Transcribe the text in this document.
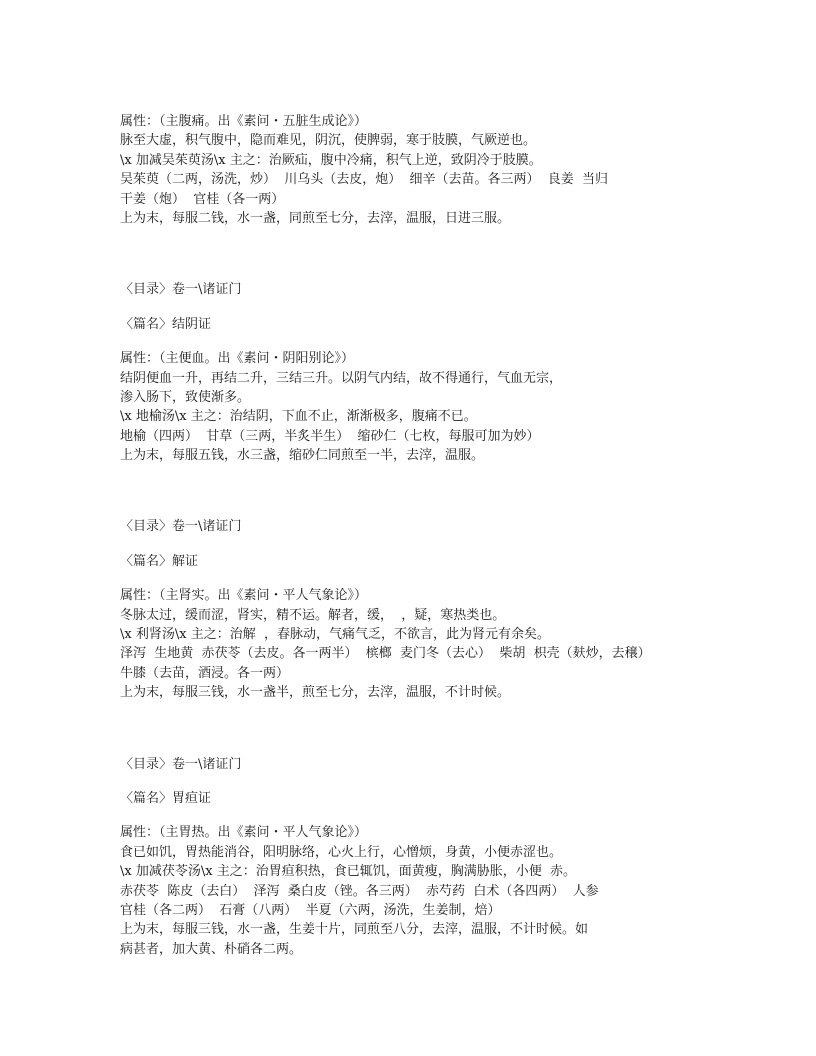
属性：（主腹痛。出《素问・五脏生成论》）
脉至大虚，积气腹中，隐而难见，阴沉，使脾弱，寒于肢膜，气厥逆也。
\x 加减吴茱萸汤\x 主之：治厥疝，腹中冷痛，积气上逆，致阴冷于肢膜。
吴茱萸（二两，汤洗，炒）  川乌头（去皮，炮）  细辛（去苗。各三两）  良姜  当归
干姜（炮）  官桂（各一两）
上为末，每服二钱，水一盏，同煎至七分，去滓，温服，日进三服。
〈目录〉卷一\诸证门
〈篇名〉结阴证
属性：（主便血。出《素问・阴阳别论》）
结阴便血一升，再结二升，三结三升。以阴气内结，故不得通行，气血无宗，
渗入肠下，致使渐多。
\x 地榆汤\x 主之：治结阴，下血不止，渐渐极多，腹痛不已。
地榆（四两）  甘草（三两，半炙半生）  缩砂仁（七枚，每服可加为妙）
上为末，每服五钱，水三盏，缩砂仁同煎至一半，去滓，温服。
〈目录〉卷一\诸证门
〈篇名〉解证
属性：（主肾实。出《素问・平人气象论》）
冬脉太过，缓而涩，肾实，精不运。解者，缓，  ，疑，寒热类也。
\x 利肾汤\x 主之：治解  ，春脉动，气痛气乏，不欲言，此为肾元有余矣。
泽泻  生地黄  赤茯苓（去皮。各一两半）  槟榔  麦门冬（去心）  柴胡  枳壳（麸炒，去穣）
牛膝（去苗，酒浸。各一两）
上为末，每服三钱，水一盏半，煎至七分，去滓，温服，不计时候。
〈目录〉卷一\诸证门
〈篇名〉胃疸证
属性：（主胃热。出《素问・平人气象论》）
食已如饥，胃热能消谷，阳明脉络，心火上行，心憎烦，身黄，小便赤涩也。
\x 加减茯苓汤\x 主之：治胃疸积热，食已辄饥，面黄瘦，胸满胁胀，小便  赤。
赤茯苓  陈皮（去白）  泽泻  桑白皮（锉。各三两）  赤芍药  白术（各四两）  人参
官桂（各二两）  石膏（八两）  半夏（六两，汤洗，生姜制，焙）
上为末，每服三钱，水一盏，生姜十片，同煎至八分，去滓，温服，不计时候。如
病甚者，加大黄、朴硝各二两。
